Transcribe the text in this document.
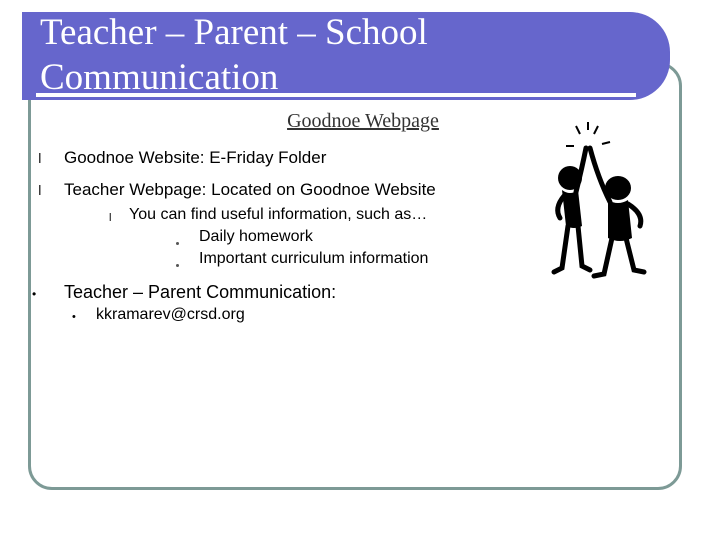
Teacher – Parent – School
Communication
Goodnoe Webpage
l Goodnoe Website: E-Friday Folder
l Teacher Webpage: Located on Goodnoe Website
l You can find useful information, such as…
Daily homework
Important curriculum information
• Teacher – Parent Communication:
• kkramarev@crsd.org
